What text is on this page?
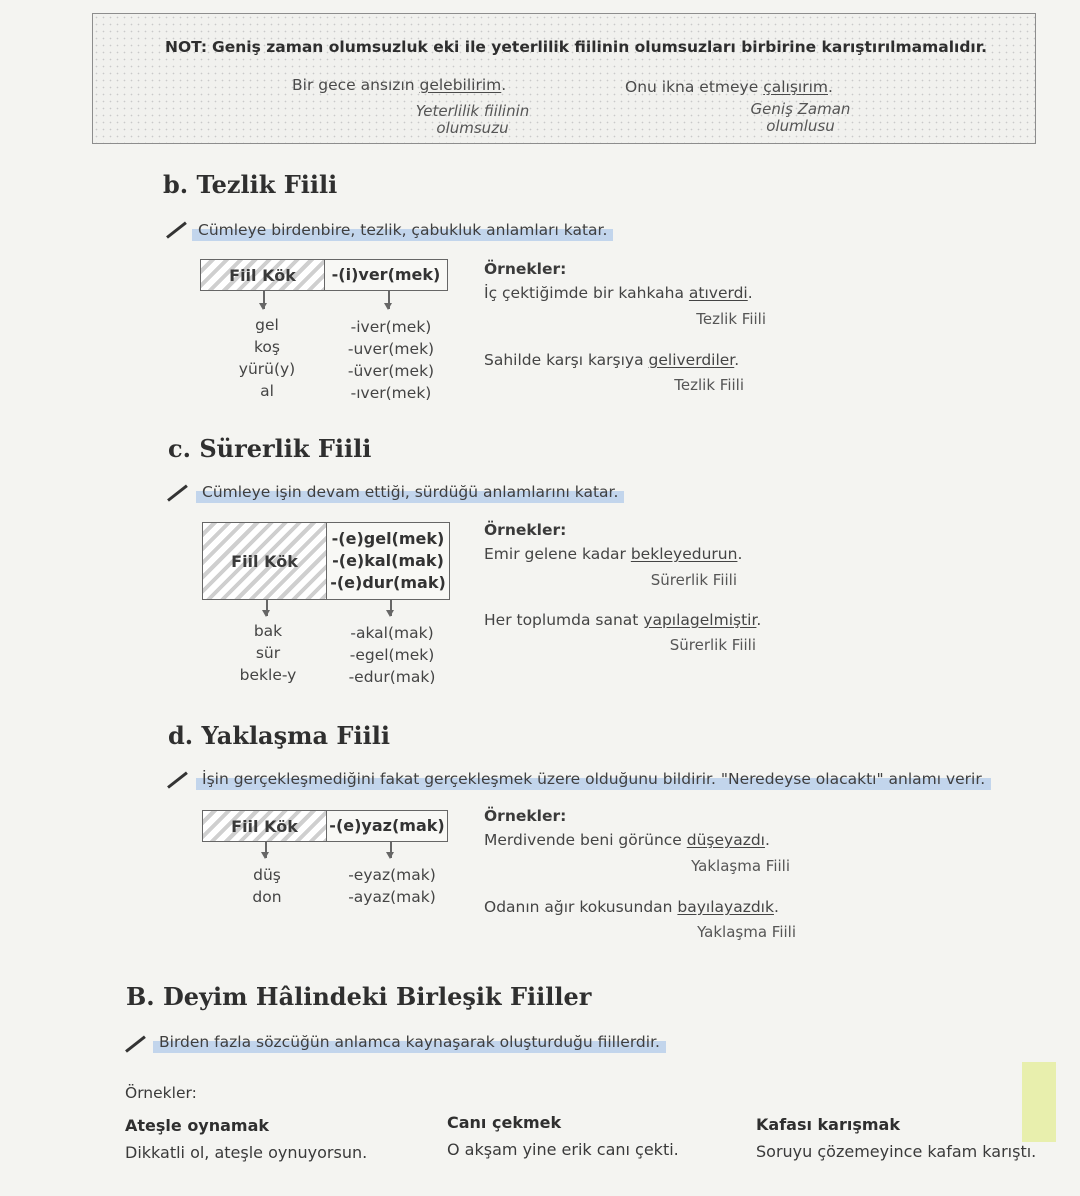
NOT: Geniş zaman olumsuzluk eki ile yeterlilik fiilinin olumsuzları birbirine karıştırılmamalıdır.
Bir gece ansızın gelebilirim.
Yeterlilik fiilinin
olumsuzu
Onu ikna etmeye çalışırım.
Geniş Zaman
olumlusu
b. Tezlik Fiili
Cümleye birdenbire, tezlik, çabukluk anlamları katar.
Fiil Kök	-(i)ver(mek)
gel
koş
yürü(y)
al
-iver(mek)
-uver(mek)
-üver(mek)
-ıver(mek)
Örnekler:
İç çektiğimde bir kahkaha atıverdi.
Tezlik Fiili
Sahilde karşı karşıya geliverdiler.
Tezlik Fiili
c. Sürerlik Fiili
Cümleye işin devam ettiği, sürdüğü anlamlarını katar.
Fiil Kök
-(e)gel(mek)
-(e)kal(mak)
-(e)dur(mak)
bak
sür
bekle-y
-akal(mak)
-egel(mek)
-edur(mak)
Örnekler:
Emir gelene kadar bekleyedurun.
Sürerlik Fiili
Her toplumda sanat yapılagelmiştir.
Sürerlik Fiili
d. Yaklaşma Fiili
İşin gerçekleşmediğini fakat gerçekleşmek üzere olduğunu bildirir. "Neredeyse olacaktı" anlamı verir.
Fiil Kök	-(e)yaz(mak)
düş
don
-eyaz(mak)
-ayaz(mak)
Örnekler:
Merdivende beni görünce düşeyazdı.
Yaklaşma Fiili
Odanın ağır kokusundan bayılayazdık.
Yaklaşma Fiili
B. Deyim Hâlindeki Birleşik Fiiller
Birden fazla sözcüğün anlamca kaynaşarak oluşturduğu fiillerdir.
Örnekler:
Ateşle oynamak
Dikkatli ol, ateşle oynuyorsun.
Canı çekmek
O akşam yine erik canı çekti.
Kafası karışmak
Soruyu çözemeyince kafam karıştı.
